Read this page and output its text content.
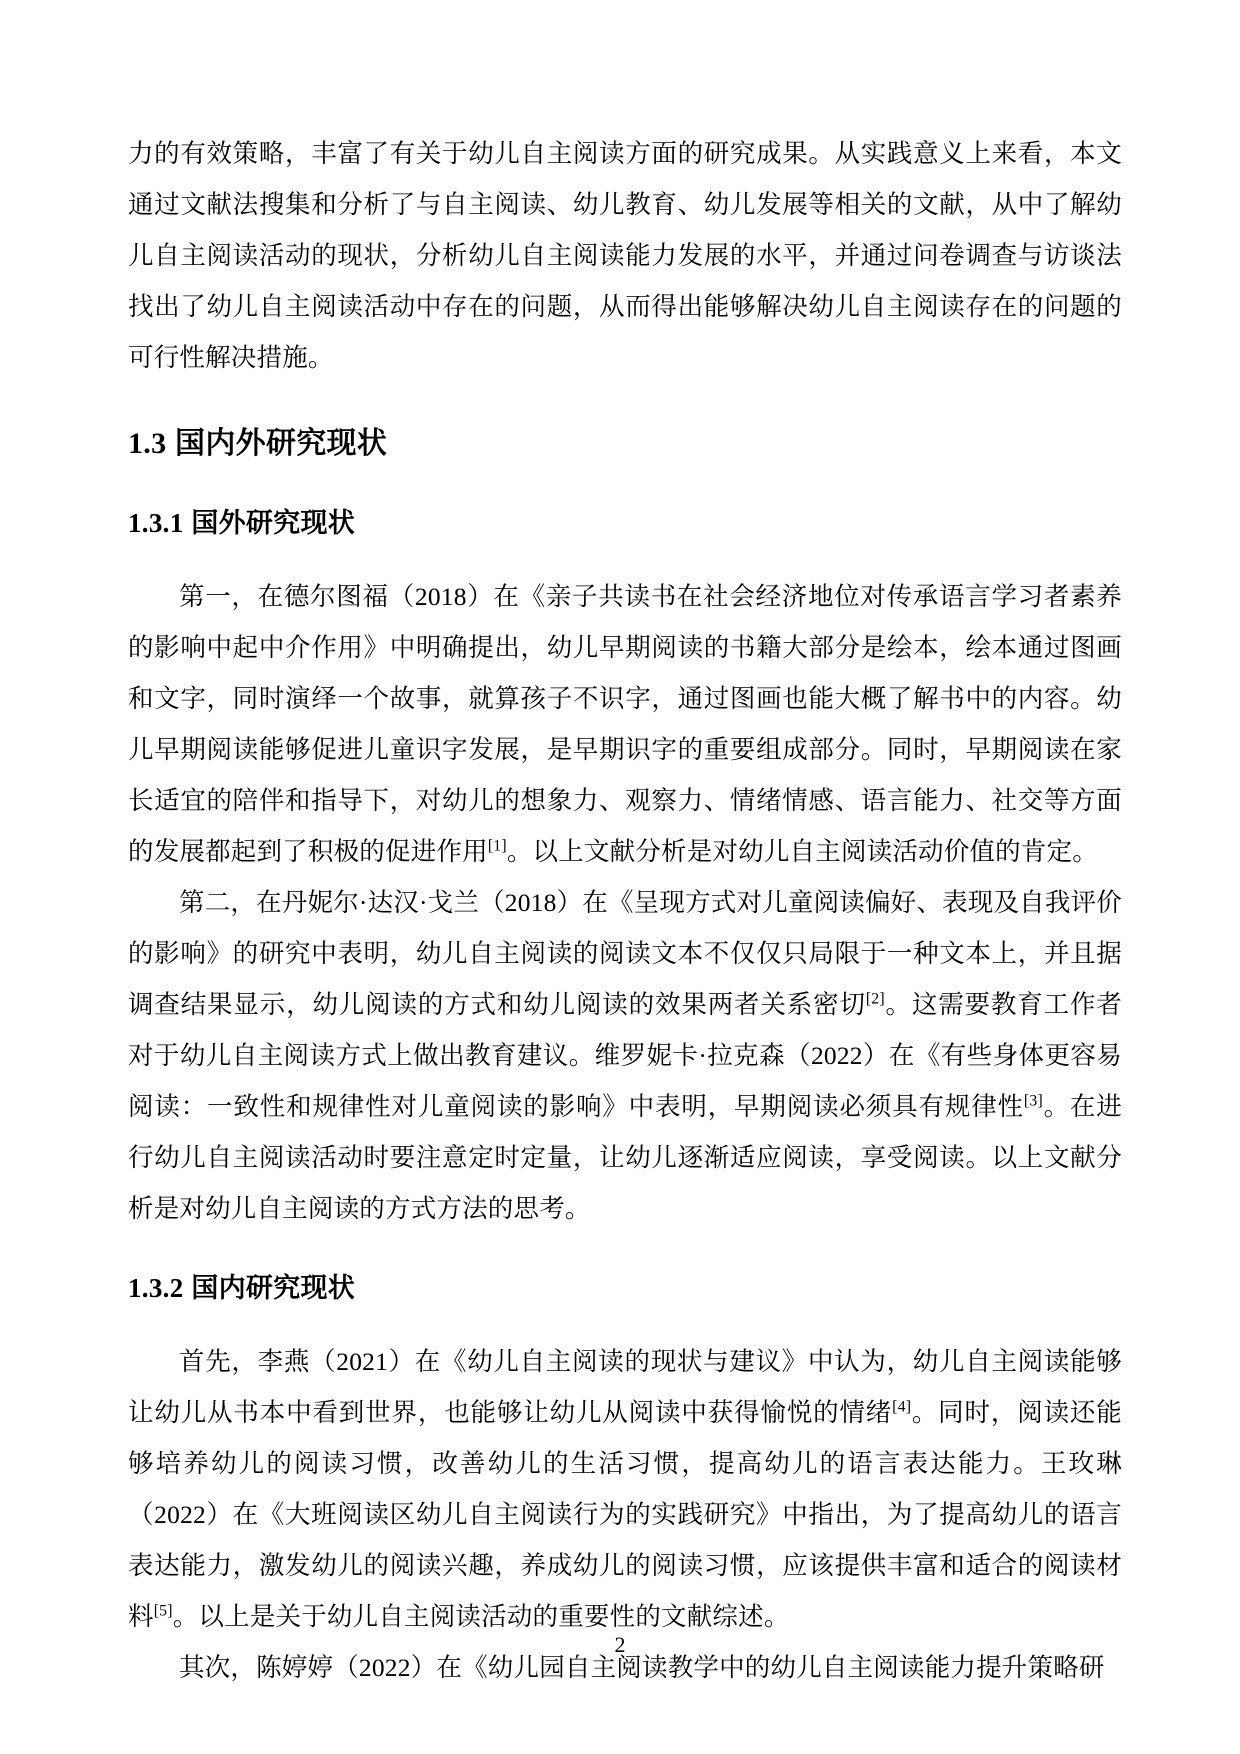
力的有效策略，丰富了有关于幼儿自主阅读方面的研究成果。从实践意义上来看，本文通过文献法搜集和分析了与自主阅读、幼儿教育、幼儿发展等相关的文献，从中了解幼儿自主阅读活动的现状，分析幼儿自主阅读能力发展的水平，并通过问卷调查与访谈法找出了幼儿自主阅读活动中存在的问题，从而得出能够解决幼儿自主阅读存在的问题的可行性解决措施。

1.3 国内外研究现状
1.3.1 国外研究现状

第一，在德尔图福（2018）在《亲子共读书在社会经济地位对传承语言学习者素养的影响中起中介作用》中明确提出，幼儿早期阅读的书籍大部分是绘本，绘本通过图画和文字，同时演绎一个故事，就算孩子不识字，通过图画也能大概了解书中的内容。幼儿早期阅读能够促进儿童识字发展，是早期识字的重要组成部分。同时，早期阅读在家长适宜的陪伴和指导下，对幼儿的想象力、观察力、情绪情感、语言能力、社交等方面的发展都起到了积极的促进作用[1]。以上文献分析是对幼儿自主阅读活动价值的肯定。

第二，在丹妮尔·达汉·戈兰（2018）在《呈现方式对儿童阅读偏好、表现及自我评价的影响》的研究中表明，幼儿自主阅读的阅读文本不仅仅只局限于一种文本上，并且据调查结果显示，幼儿阅读的方式和幼儿阅读的效果两者关系密切[2]。这需要教育工作者对于幼儿自主阅读方式上做出教育建议。维罗妮卡·拉克森（2022）在《有些身体更容易阅读：一致性和规律性对儿童阅读的影响》中表明，早期阅读必须具有规律性[3]。在进行幼儿自主阅读活动时要注意定时定量，让幼儿逐渐适应阅读，享受阅读。以上文献分析是对幼儿自主阅读的方式方法的思考。

1.3.2 国内研究现状

首先，李燕（2021）在《幼儿自主阅读的现状与建议》中认为，幼儿自主阅读能够让幼儿从书本中看到世界，也能够让幼儿从阅读中获得愉悦的情绪[4]。同时，阅读还能够培养幼儿的阅读习惯，改善幼儿的生活习惯，提高幼儿的语言表达能力。王玫琳（2022）在《大班阅读区幼儿自主阅读行为的实践研究》中指出，为了提高幼儿的语言表达能力，激发幼儿的阅读兴趣，养成幼儿的阅读习惯，应该提供丰富和适合的阅读材料[5]。以上是关于幼儿自主阅读活动的重要性的文献综述。

其次，陈婷婷（2022）在《幼儿园自主阅读教学中的幼儿自主阅读能力提升策略研

2
